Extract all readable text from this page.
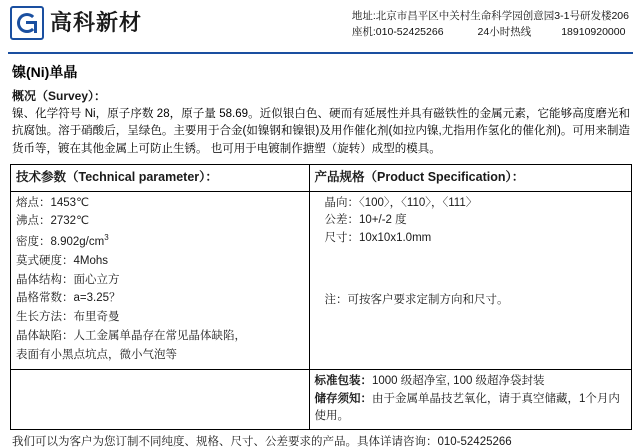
高科新材	地址:北京市昌平区中关村生命科学园创意园3-1号研发楼206
座机:010-52425266	24小时热线	18910920000
镍(Ni)单晶
概况（Survey）：
镍、化学符号 Ni，原子序数 28，原子量 58.69。近似银白色、硬而有延展性并具有磁铁性的金属元素，它能够高度磨光和抗腐蚀。溶于硝酸后，呈绿色。主要用于合金(如镍钢和镍银)及用作催化剂(如拉内镍,尤指用作氢化的催化剂)。可用来制造货币等，镀在其他金属上可防止生锈。 也可用于电镀制作搪塑（旋转）成型的模具。
技术参数（Technical parameter）：	产品规格（Product Specification）：

熔点：1453℃
沸点：2732℃
密度：$8.902g/cm^3$
莫式硬度：4Mohs
晶体结构：面心立方
晶格常数：a=3.25？
生长方法：布里奇曼
晶体缺陷：人工金属单晶存在常见晶体缺陷，
表面有小黑点坑点，微小气泡等

晶向：〈100〉，〈110〉，〈111〉
公差：10+/-2 度
尺寸：10x10x1.0mm
注：可按客户要求定制方向和尺寸。

	标准包装：1000 级超净室, 100 级超净袋封装
储存须知：由于金属单晶技艺氧化，请于真空储藏，1个月内使用。
我们可以为客户为您订制不同纯度、规格、尺寸、公差要求的产品。具体详请咨询：010-52425266
